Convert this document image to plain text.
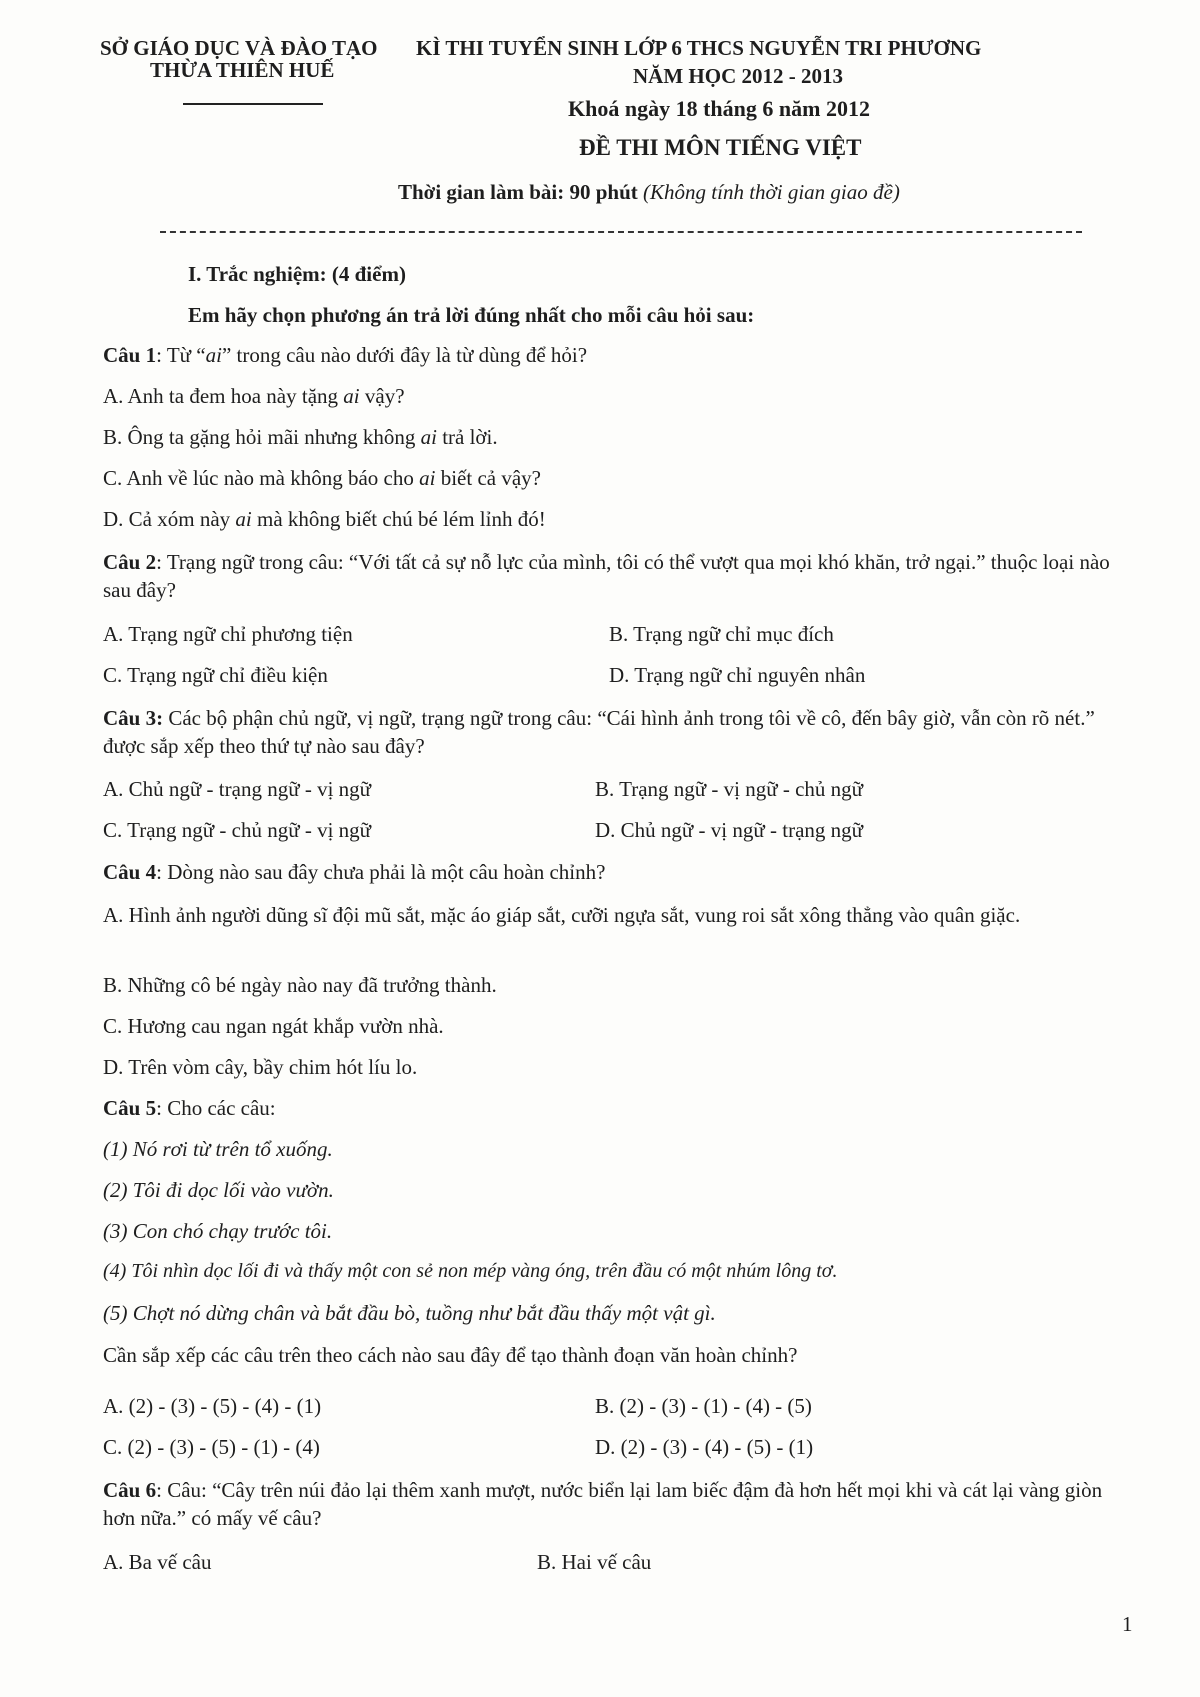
SỞ GIÁO DỤC VÀ ĐÀO TẠO
THỪA THIÊN HUẾ
KÌ THI TUYỂN SINH LỚP 6 THCS NGUYỄN TRI PHƯƠNG
NĂM HỌC 2012 - 2013
Khoá ngày 18 tháng 6 năm 2012
ĐỀ THI MÔN TIẾNG VIỆT
Thời gian làm bài: 90 phút (Không tính thời gian giao đề)
I. Trắc nghiệm: (4 điểm)
Em hãy chọn phương án trả lời đúng nhất cho mỗi câu hỏi sau:
Câu 1: Từ “ai” trong câu nào dưới đây là từ dùng để hỏi?
A. Anh ta đem hoa này tặng ai vậy?
B. Ông ta gặng hỏi mãi nhưng không ai trả lời.
C. Anh về lúc nào mà không báo cho ai biết cả vậy?
D. Cả xóm này ai mà không biết chú bé lém lỉnh đó!
Câu 2: Trạng ngữ trong câu: “Với tất cả sự nỗ lực của mình, tôi có thể vượt qua mọi khó khăn, trở ngại.” thuộc loại nào sau đây?
A. Trạng ngữ chỉ phương tiện	B. Trạng ngữ chỉ mục đích
C. Trạng ngữ chỉ điều kiện	D. Trạng ngữ chỉ nguyên nhân
Câu 3: Các bộ phận chủ ngữ, vị ngữ, trạng ngữ trong câu: “Cái hình ảnh trong tôi về cô, đến bây giờ, vẫn còn rõ nét.” được sắp xếp theo thứ tự nào sau đây?
A. Chủ ngữ - trạng ngữ - vị ngữ	B. Trạng ngữ - vị ngữ - chủ ngữ
C. Trạng ngữ - chủ ngữ - vị ngữ	D. Chủ ngữ - vị ngữ - trạng ngữ
Câu 4: Dòng nào sau đây chưa phải là một câu hoàn chỉnh?
A. Hình ảnh người dũng sĩ đội mũ sắt, mặc áo giáp sắt, cưỡi ngựa sắt, vung roi sắt xông thẳng vào quân giặc.
B. Những cô bé ngày nào nay đã trưởng thành.
C. Hương cau ngan ngát khắp vườn nhà.
D. Trên vòm cây, bầy chim hót líu lo.
Câu 5: Cho các câu:
(1) Nó rơi từ trên tổ xuống.
(2) Tôi đi dọc lối vào vườn.
(3) Con chó chạy trước tôi.
(4) Tôi nhìn dọc lối đi và thấy một con sẻ non mép vàng óng, trên đầu có một nhúm lông tơ.
(5) Chợt nó dừng chân và bắt đầu bò, tuồng như bắt đầu thấy một vật gì.
Cần sắp xếp các câu trên theo cách nào sau đây để tạo thành đoạn văn hoàn chỉnh?
A. (2) - (3) - (5) - (4) - (1)	B. (2) - (3) - (1) - (4) - (5)
C. (2) - (3) - (5) - (1) - (4)	D. (2) - (3) - (4) - (5) - (1)
Câu 6: Câu: “Cây trên núi đảo lại thêm xanh mượt, nước biển lại lam biếc đậm đà hơn hết mọi khi và cát lại vàng giòn hơn nữa.” có mấy vế câu?
A. Ba vế câu	B. Hai vế câu
1
